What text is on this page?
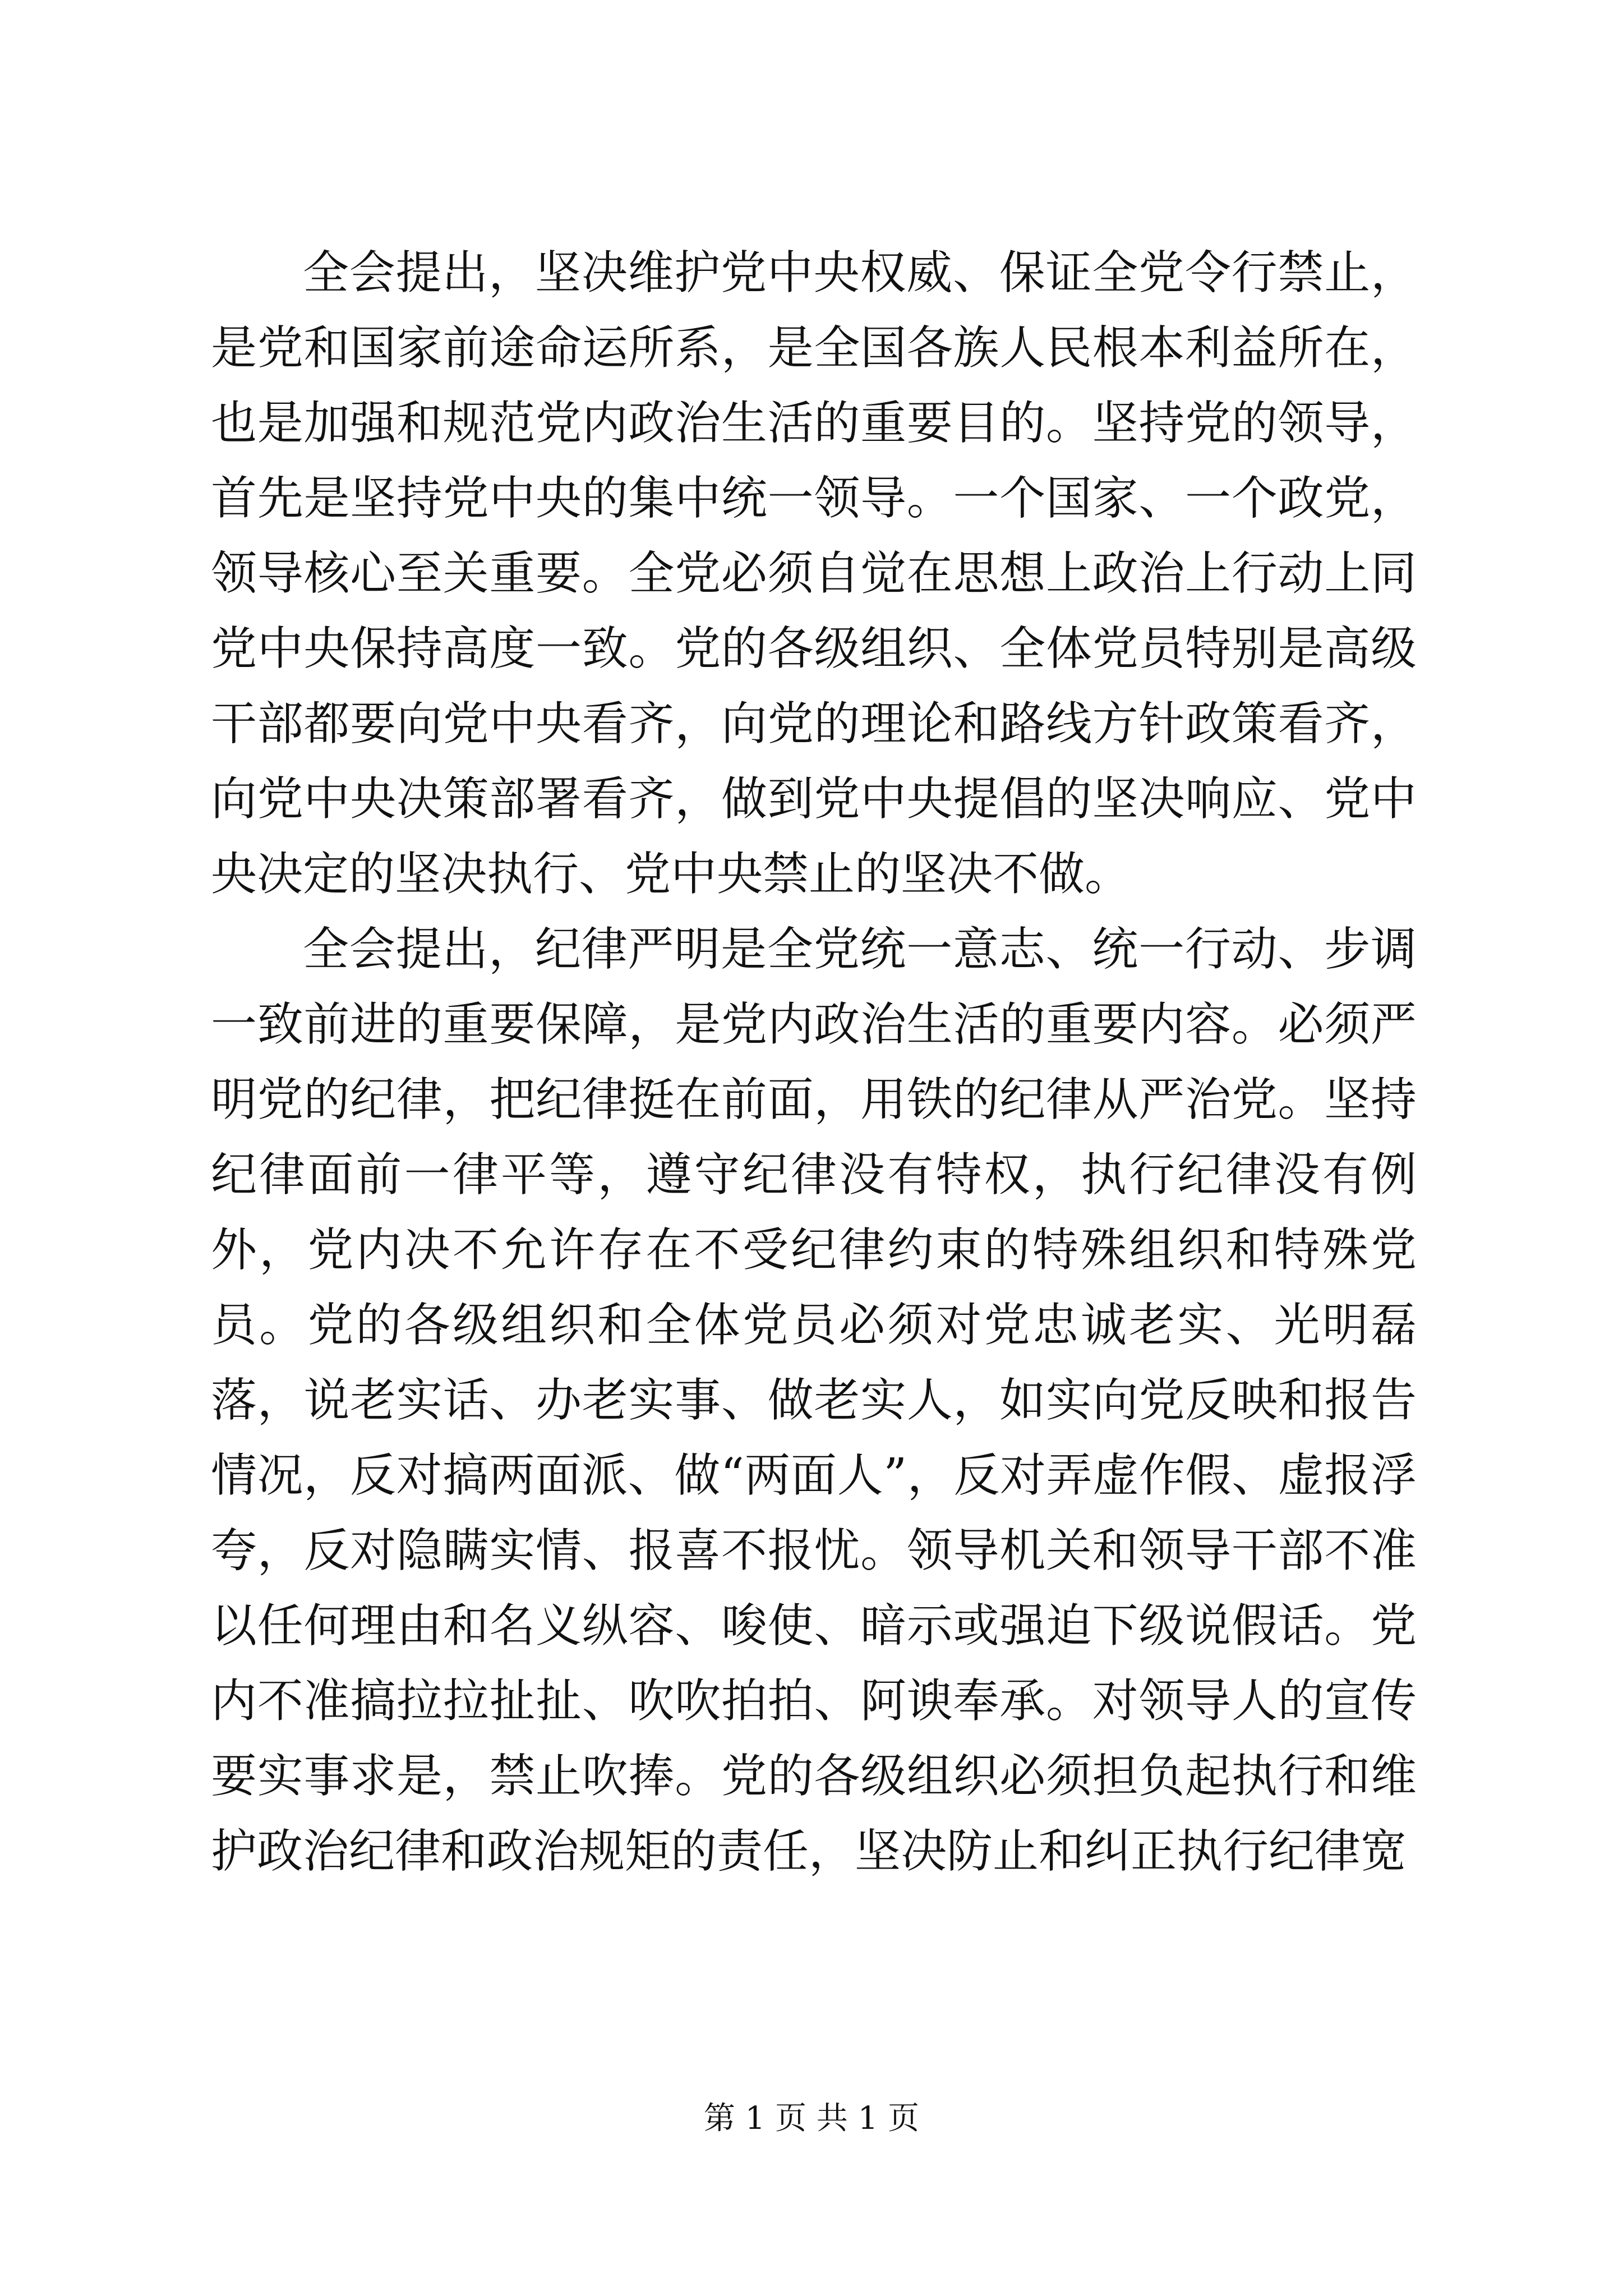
全会提出，坚决维护党中央权威、保证全党令行禁止，是党和国家前途命运所系，是全国各族人民根本利益所在，也是加强和规范党内政治生活的重要目的。坚持党的领导，首先是坚持党中央的集中统一领导。一个国家、一个政党，领导核心至关重要。全党必须自觉在思想上政治上行动上同党中央保持高度一致。党的各级组织、全体党员特别是高级干部都要向党中央看齐，向党的理论和路线方针政策看齐，向党中央决策部署看齐，做到党中央提倡的坚决响应、党中央决定的坚决执行、党中央禁止的坚决不做。

全会提出，纪律严明是全党统一意志、统一行动、步调一致前进的重要保障，是党内政治生活的重要内容。必须严明党的纪律，把纪律挺在前面，用铁的纪律从严治党。坚持纪律面前一律平等，遵守纪律没有特权，执行纪律没有例外，党内决不允许存在不受纪律约束的特殊组织和特殊党员。党的各级组织和全体党员必须对党忠诚老实、光明磊落，说老实话、办老实事、做老实人，如实向党反映和报告情况，反对搞两面派、做“两面人”，反对弄虚作假、虚报浮夸，反对隐瞒实情、报喜不报忧。领导机关和领导干部不准以任何理由和名义纵容、唆使、暗示或强迫下级说假话。党内不准搞拉拉扯扯、吹吹拍拍、阿谀奉承。对领导人的宣传要实事求是，禁止吹捧。党的各级组织必须担负起执行和维护政治纪律和政治规矩的责任，坚决防止和纠正执行纪律宽

第 1 页 共 1 页
